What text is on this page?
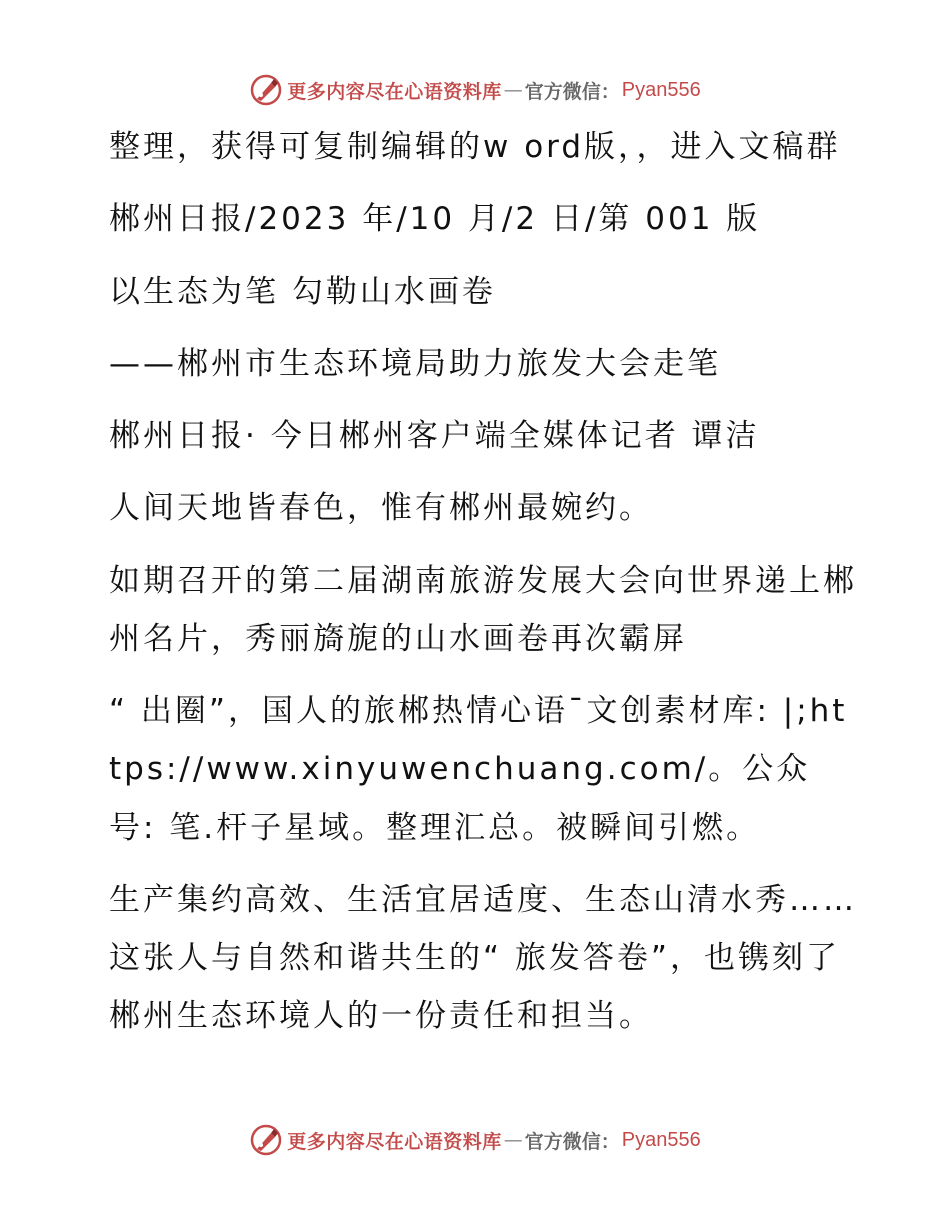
更多内容尽在心语资料库 — 官方微信： Pyan556

整理，获得可复制编辑的w ord版，，进入文稿群

郴州日报/2023 年/10 月/2 日/第 001 版

以生态为笔 勾勒山水画卷

——郴州市生态环境局助力旅发大会走笔

郴州日报· 今日郴州客户端全媒体记者 谭洁

人间天地皆春色，惟有郴州最婉约。

如期召开的第二届湖南旅游发展大会向世界递上郴州名片，秀丽旖旎的山水画卷再次霸屏

“ 出圈”，国人的旅郴热情心语¯文创素材库: |;https://www.xinyuwenchuang.com/。公众号: 笔.杆子星域。整理汇总。被瞬间引燃。

生产集约高效、生活宜居适度、生态山清水秀…… 这张人与自然和谐共生的“ 旅发答卷”，也镌刻了郴州生态环境人的一份责任和担当。

更多内容尽在心语资料库 — 官方微信： Pyan556
